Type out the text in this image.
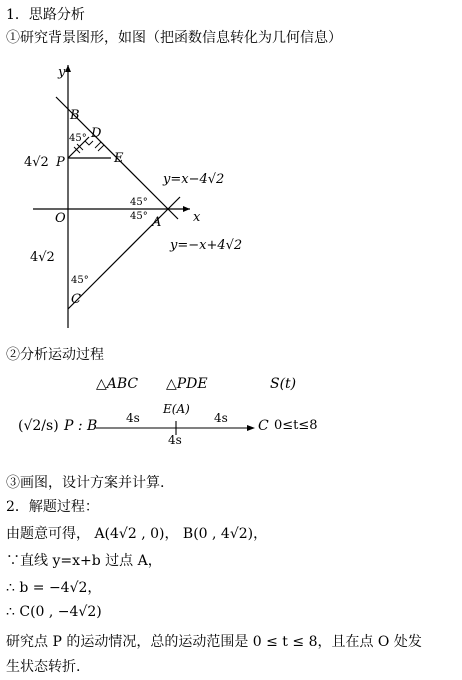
1．思路分析
①研究背景图形，如图（把函数信息转化为几何信息）
y
x
O
B
D
P	E
A
C
45°
45°
45°
45°
4√2
4√2
y=x−4√2
y=−x+4√2
②分析运动过程
△ABC △PDE	S(t)
(√2/s) P : B 4s
E(A)
4s
4s
C 0≤t≤8
③画图，设计方案并计算.
2．解题过程：
由题意可得， A(4√2 , 0)， B(0 , 4√2)，
∵直线 y=x+b 过点 A，
∴ b = −4√2，
∴ C(0 , −4√2)
研究点 P 的运动情况，总的运动范围是 0 ≤ t ≤ 8，且在点 O 处发
生状态转折.
